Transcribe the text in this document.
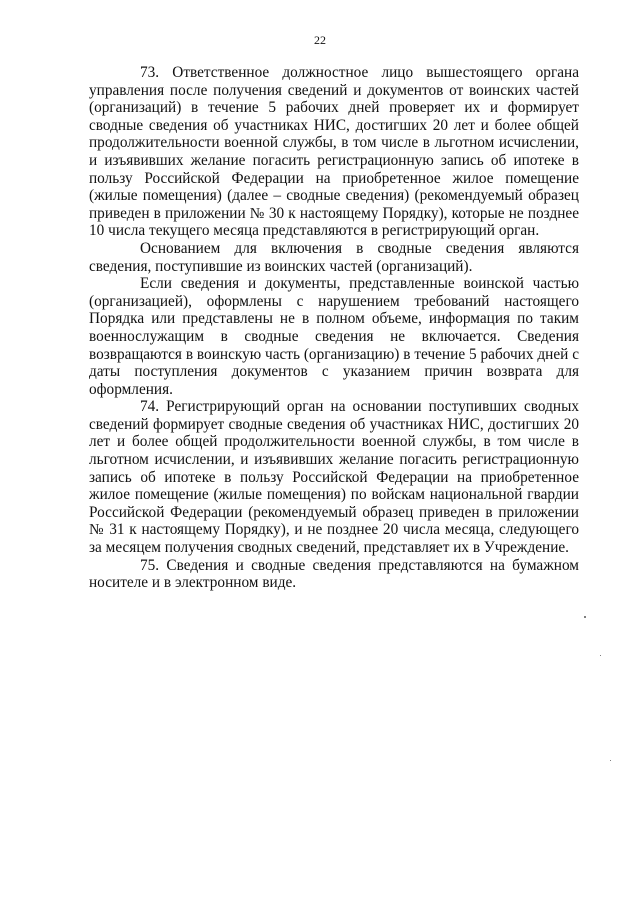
22

73. Ответственное должностное лицо вышестоящего органа управления после получения сведений и документов от воинских частей (организаций) в течение 5 рабочих дней проверяет их и формирует сводные сведения об участниках НИС, достигших 20 лет и более общей продолжительности военной службы, в том числе в льготном исчислении, и изъявивших желание погасить регистрационную запись об ипотеке в пользу Российской Федерации на приобретенное жилое помещение (жилые помещения) (далее – сводные сведения) (рекомендуемый образец приведен в приложении № 30 к настоящему Порядку), которые не позднее 10 числа текущего месяца представляются в регистрирующий орган.

Основанием для включения в сводные сведения являются сведения, поступившие из воинских частей (организаций).

Если сведения и документы, представленные воинской частью (организацией), оформлены с нарушением требований настоящего Порядка или представлены не в полном объеме, информация по таким военнослужащим в сводные сведения не включается. Сведения возвращаются в воинскую часть (организацию) в течение 5 рабочих дней с даты поступления документов с указанием причин возврата для оформления.

74. Регистрирующий орган на основании поступивших сводных сведений формирует сводные сведения об участниках НИС, достигших 20 лет и более общей продолжительности военной службы, в том числе в льготном исчислении, и изъявивших желание погасить регистрационную запись об ипотеке в пользу Российской Федерации на приобретенное жилое помещение (жилые помещения) по войскам национальной гвардии Российской Федерации (рекомендуемый образец приведен в приложении № 31 к настоящему Порядку), и не позднее 20 числа месяца, следующего за месяцем получения сводных сведений, представляет их в Учреждение.

75. Сведения и сводные сведения представляются на бумажном носителе и в электронном виде.
